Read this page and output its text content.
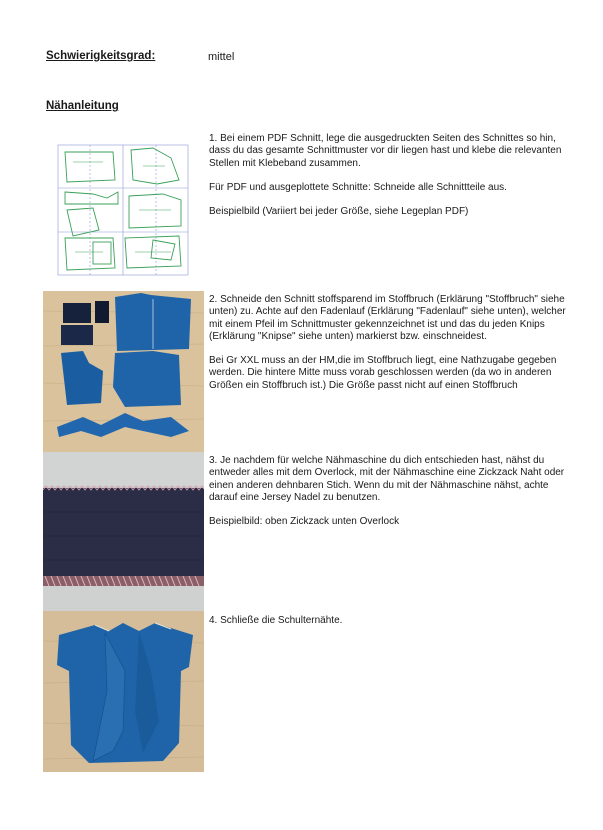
Schwierigkeitsgrad:	mittel
Nähanleitung

1. Bei einem PDF Schnitt, lege die ausgedruckten Seiten des Schnittes so hin, dass du das gesamte Schnittmuster vor dir liegen hast und klebe die relevanten Stellen mit Klebeband zusammen.

Für PDF und ausgeplottete Schnitte: Schneide alle Schnittteile aus.

Beispielbild (Variiert bei jeder Größe, siehe Legeplan PDF)

2. Schneide den Schnitt stoffsparend im Stoffbruch (Erklärung "Stoffbruch" siehe unten) zu. Achte auf den Fadenlauf (Erklärung "Fadenlauf" siehe unten), welcher mit einem Pfeil im Schnittmuster gekennzeichnet ist und das du jeden Knips (Erklärung "Knipse" siehe unten) markierst bzw. einschneidest.

Bei Gr XXL muss an der HM,die im Stoffbruch liegt, eine Nathzugabe gegeben werden. Die hintere Mitte muss vorab geschlossen werden (da wo in anderen Größen ein Stoffbruch ist.) Die Größe passt nicht auf einen Stoffbruch

3. Je nachdem für welche Nähmaschine du dich entschieden hast, nähst du entweder alles mit dem Overlock, mit der Nähmaschine eine Zickzack Naht oder einen anderen dehnbaren Stich. Wenn du mit der Nähmaschine nähst, achte darauf eine Jersey Nadel zu benutzen.

Beispielbild: oben Zickzack unten Overlock

4. Schließe die Schulternähte.
